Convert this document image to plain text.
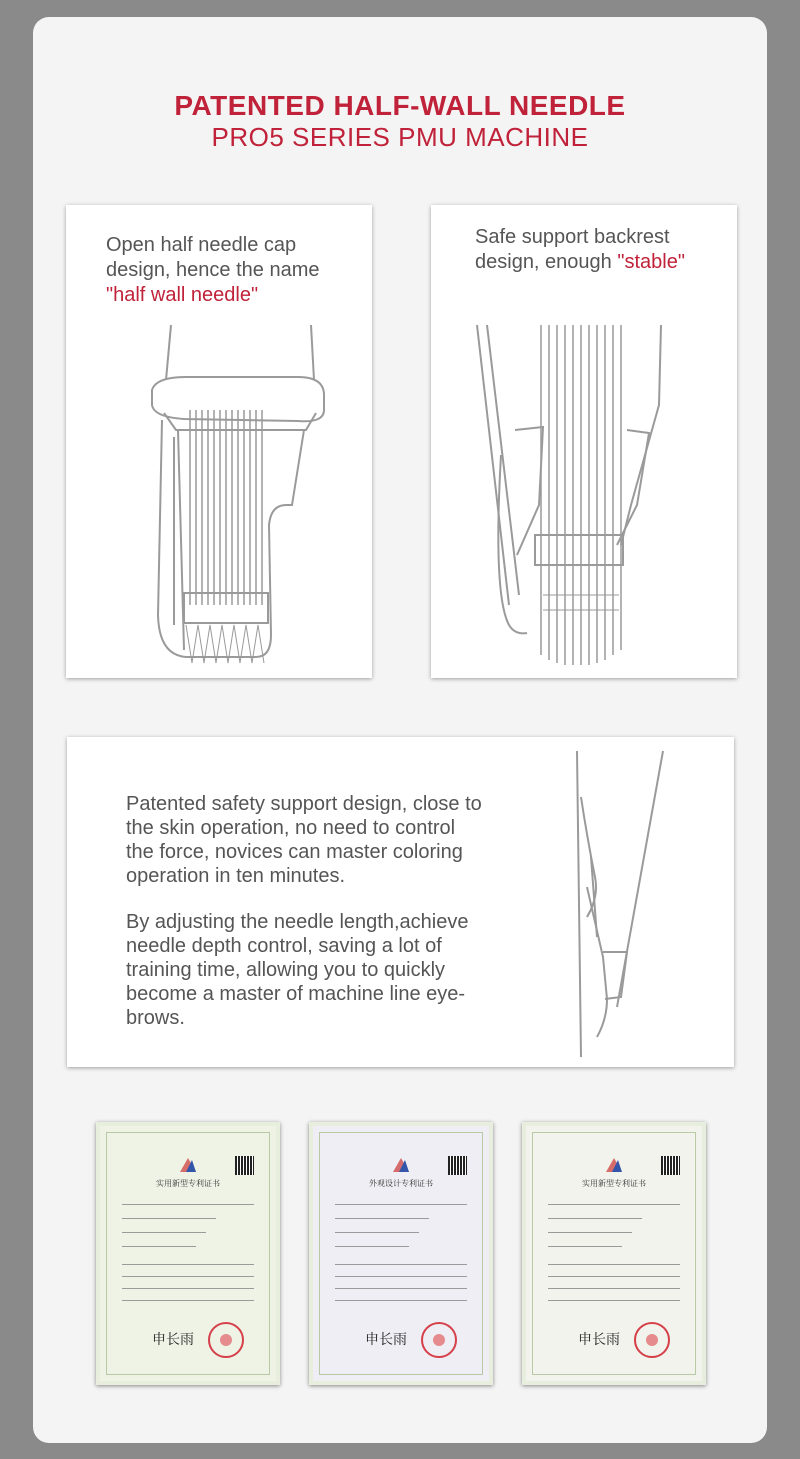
PATENTED HALF-WALL NEEDLE
PRO5 SERIES PMU MACHINE
Open half needle cap
design, hence the name
"half wall needle"
Safe support backrest
design, enough "stable"
Patented safety support design, close to
the skin operation, no need to control
the force, novices can master coloring
operation in ten minutes.
By adjusting the needle length,achieve
needle depth control, saving a lot of
training time, allowing you to quickly
become a master of machine line eye-
brows.
实用新型专利证书
申长雨
外观设计专利证书
申长雨
实用新型专利证书
申长雨
